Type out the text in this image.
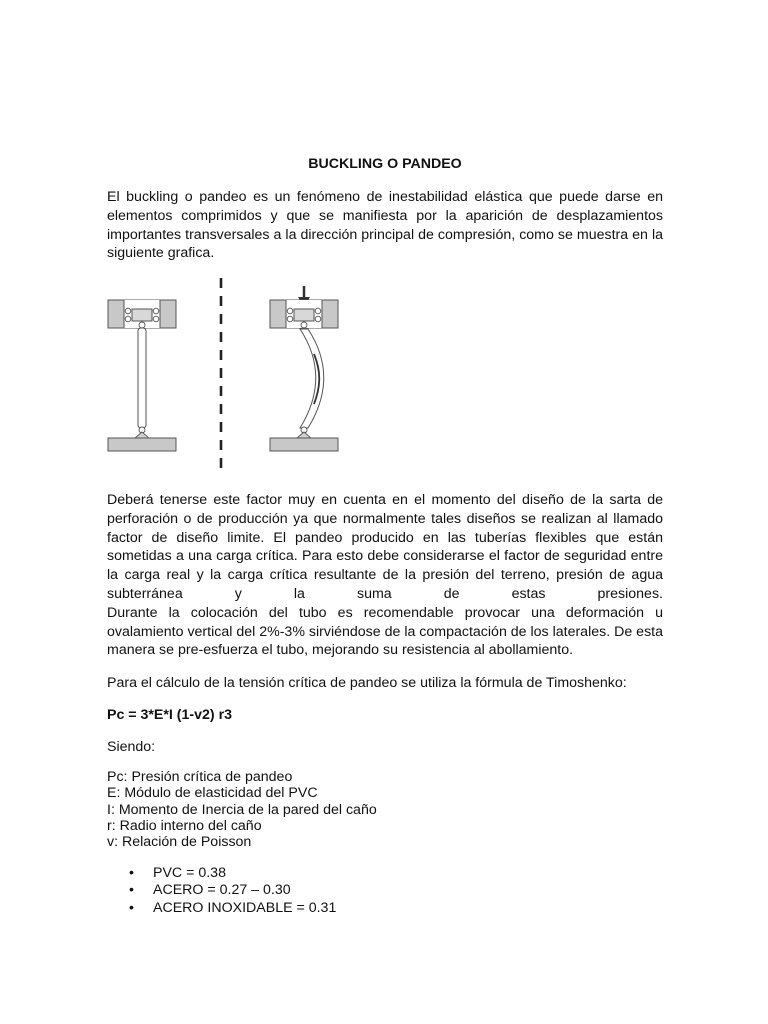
BUCKLING O PANDEO

El buckling o pandeo es un fenómeno de inestabilidad elástica que puede darse en elementos comprimidos y que se manifiesta por la aparición de desplazamientos importantes transversales a la dirección principal de compresión, como se muestra en la siguiente grafica.

Deberá tenerse este factor muy en cuenta en el momento del diseño de la sarta de perforación o de producción ya que normalmente tales diseños se realizan al llamado factor de diseño limite. El pandeo producido en las tuberías flexibles que están sometidas a una carga crítica. Para esto debe considerarse el factor de seguridad entre la carga real y la carga crítica resultante de la presión del terreno, presión de agua subterránea y la suma de estas presiones.

Durante la colocación del tubo es recomendable provocar una deformación u ovalamiento vertical del 2%-3% sirviéndose de la compactación de los laterales. De esta manera se pre-esfuerza el tubo, mejorando su resistencia al abollamiento.

Para el cálculo de la tensión crítica de pandeo se utiliza la fórmula de Timoshenko:

Pc = 3*E*I (1-v2) r3

Siendo:

Pc: Presión crítica de pandeo
E: Módulo de elasticidad del PVC
I: Momento de Inercia de la pared del caño
r: Radio interno del caño
v: Relación de Poisson
• PVC = 0.38
• ACERO = 0.27 – 0.30
• ACERO INOXIDABLE = 0.31
